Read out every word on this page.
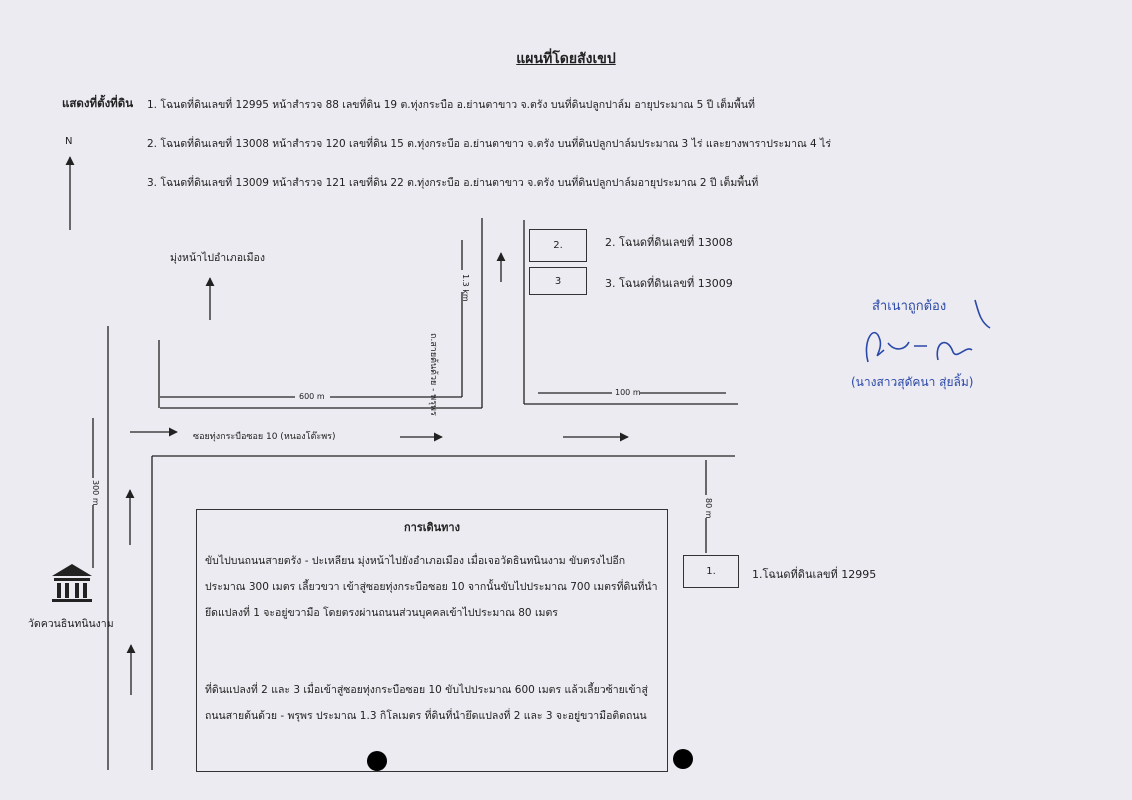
แผนที่โดยสังเขป
แสดงที่ตั้งที่ดิน 1. โฉนดที่ดินเลขที่ 12995 หน้าสำรวจ 88 เลขที่ดิน 19 ต.ทุ่งกระบือ อ.ย่านตาขาว จ.ตรัง บนที่ดินปลูกปาล์ม อายุประมาณ 5 ปี เต็มพื้นที่
2. โฉนดที่ดินเลขที่ 13008 หน้าสำรวจ 120 เลขที่ดิน 15 ต.ทุ่งกระบือ อ.ย่านตาขาว จ.ตรัง บนที่ดินปลูกปาล์มประมาณ 3 ไร่ และยางพาราประมาณ 4 ไร่
3. โฉนดที่ดินเลขที่ 13009 หน้าสำรวจ 121 เลขที่ดิน 22 ต.ทุ่งกระบือ อ.ย่านตาขาว จ.ตรัง บนที่ดินปลูกปาล์มอายุประมาณ 2 ปี เต็มพื้นที่
N
มุ่งหน้าไปอำเภอเมือง
ซอยทุ่งกระบือซอย 10 (หนองโต๊ะพร)
ถ.สายต้นด้วย - พรุพร
1.3 km
600 m	100 m
300 m
80 m
2.
3
1.
2. โฉนดที่ดินเลขที่ 13008
3. โฉนดที่ดินเลขที่ 13009
1.โฉนดที่ดินเลขที่ 12995
วัดควนธินทนินงาม
การเดินทาง
ขับไปบนถนนสายตรัง - ปะเหลียน มุ่งหน้าไปยังอำเภอเมือง เมื่อเจอวัดธินทนินงาม ขับตรงไปอีกประมาณ 300 เมตร เลี้ยวขวา เข้าสู่ซอยทุ่งกระบือซอย 10 จากนั้นขับไปประมาณ 700 เมตรที่ดินที่นำยึดแปลงที่ 1 จะอยู่ขวามือ โดยตรงผ่านถนนส่วนบุคคลเข้าไปประมาณ 80 เมตร
ที่ดินแปลงที่ 2 และ 3 เมื่อเข้าสู่ซอยทุ่งกระบือซอย 10 ขับไปประมาณ 600 เมตร แล้วเลี้ยวซ้ายเข้าสู่ถนนสายต้นด้วย - พรุพร ประมาณ 1.3 กิโลเมตร ที่ดินที่นำยึดแปลงที่ 2 และ 3 จะอยู่ขวามือติดถนน
สำเนาถูกต้อง
(นางสาวสุดัคนา สุ่ยลิ้ม)
